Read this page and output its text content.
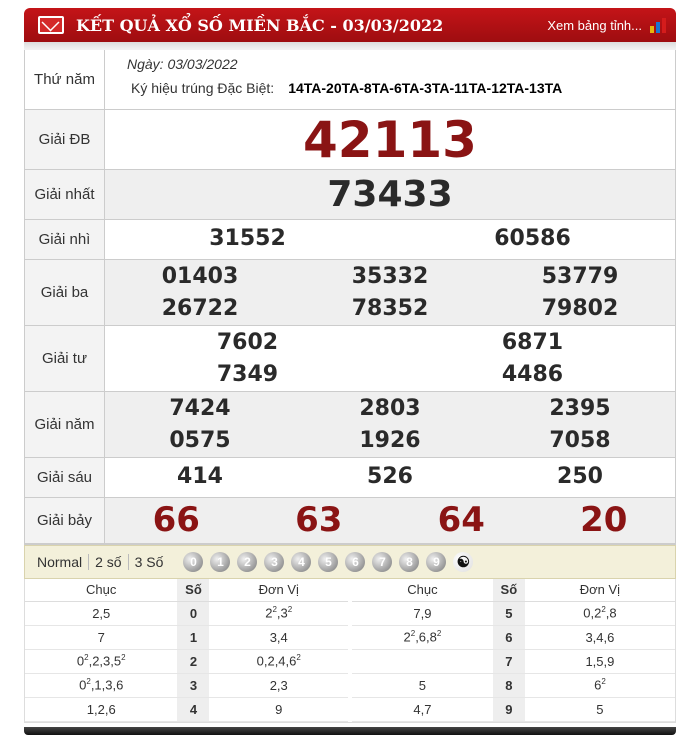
KẾT QUẢ XỔ SỐ MIỀN BẮC - 03/03/2022	Xem bảng tỉnh...
Thứ năm
Ngày: 03/03/2022
Ký hiệu trúng Đặc Biệt: 14TA-20TA-8TA-6TA-3TA-11TA-12TA-13TA
Giải ĐB	42113
Giải nhất	73433
Giải nhì	31552	60586
Giải ba
01403	35332	53779
26722	78352	79802
Giải tư
7602	6871
7349	4486
Giải năm
7424	2803	2395
0575	1926	7058
Giải sáu	414	526	250
Giải bảy	66	63	64	20
Normal 2 số 3 Số	0	1	2	3	4	5	6	7	8	9	☯
Chục	Số	Đơn Vị
2,5	0	$2^2,3^2$
7	1	3,4
$0^2,2,3,5^2$	2	0,2,4,6$^2$
$0^2,1,3,6$	3	2,3
1,2,6	4	9
Chục	Số	Đơn Vị
7,9	5	$0,2^2,8$
$2^2,6,8^2$	6	3,4,6
	7	1,5,9
5	8	$6^2$
4,7	9	5
